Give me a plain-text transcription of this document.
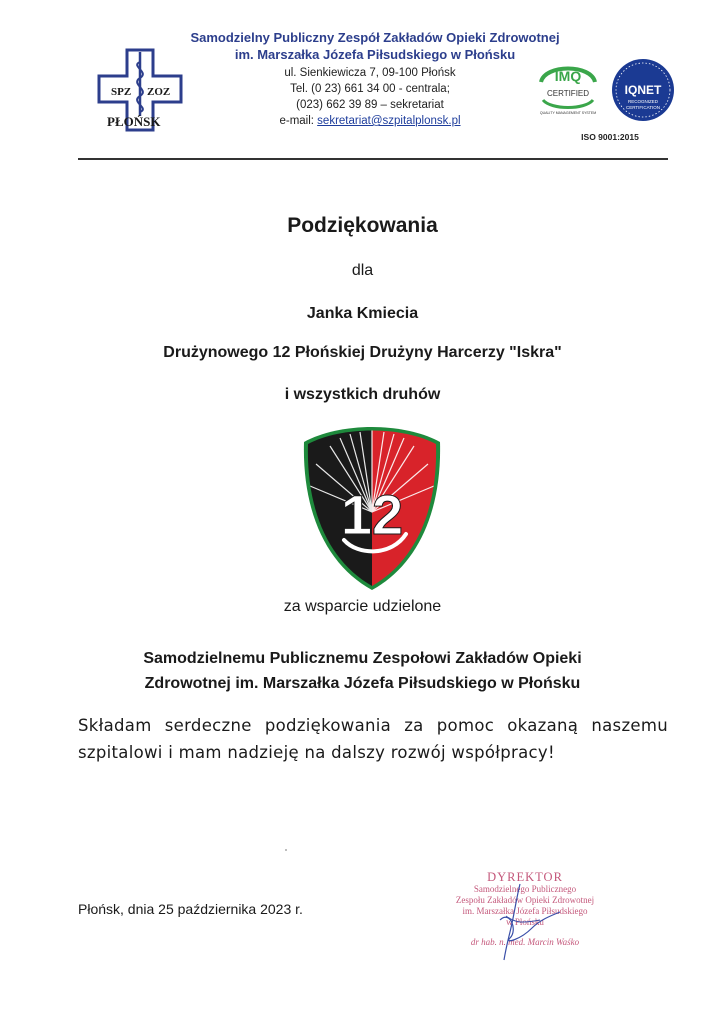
SPZ ZOZ
PŁOŃSK
Samodzielny Publiczny Zespół Zakładów Opieki Zdrowotnej
im. Marszałka Józefa Piłsudskiego w Płońsku
ul. Sienkiewicza 7, 09-100 Płońsk
Tel. (0 23) 661 34 00 - centrala;
(023) 662 39 89 – sekretariat
e-mail: sekretariat@szpitalplonsk.pl
IMQ
CERTIFIED
QUALITY MANAGEMENT SYSTEM
IQNET
RECOGNIZED
CERTIFICATION
ISO 9001:2015
Podziękowania
dla
Janka Kmiecia
Drużynowego 12 Płońskiej Drużyny Harcerzy "Iskra"
i wszystkich druhów
12
za wsparcie udzielone
Samodzielnemu Publicznemu Zespołowi Zakładów Opieki
Zdrowotnej im. Marszałka Józefa Piłsudskiego w Płońsku
Składam serdeczne podziękowania za pomoc okazaną naszemu
szpitalowi i mam nadzieję na dalszy rozwój współpracy!
Płońsk, dnia 25 października 2023 r.
DYREKTOR
Samodzielnego Publicznego
Zespołu Zakładów Opieki Zdrowotnej
im. Marszałka Józefa Piłsudskiego
w Płońsku
dr hab. n. med. Marcin Waśko
